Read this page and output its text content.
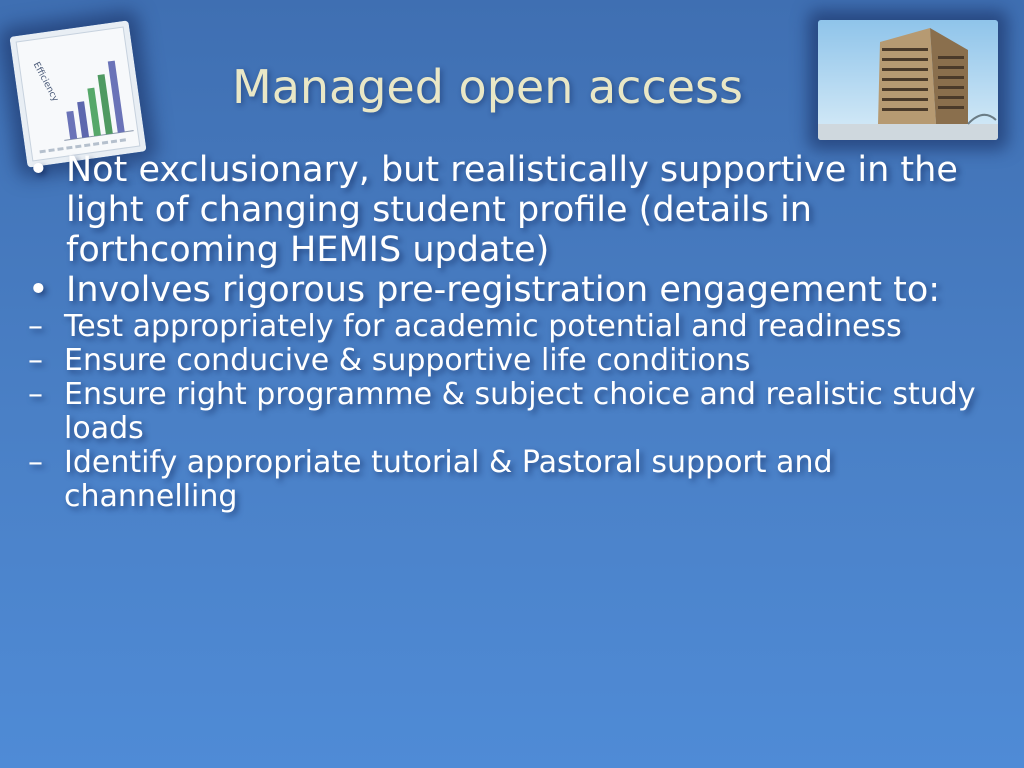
Efficiency	Managed open access

• Not exclusionary, but realistically supportive in the light of changing student profile (details in forthcoming HEMIS update)

• Involves rigorous pre-registration engagement to:

– Test appropriately for academic potential and readiness

– Ensure conducive & supportive life conditions

– Ensure right programme & subject choice and realistic study loads

– Identify appropriate tutorial & Pastoral support and channelling
